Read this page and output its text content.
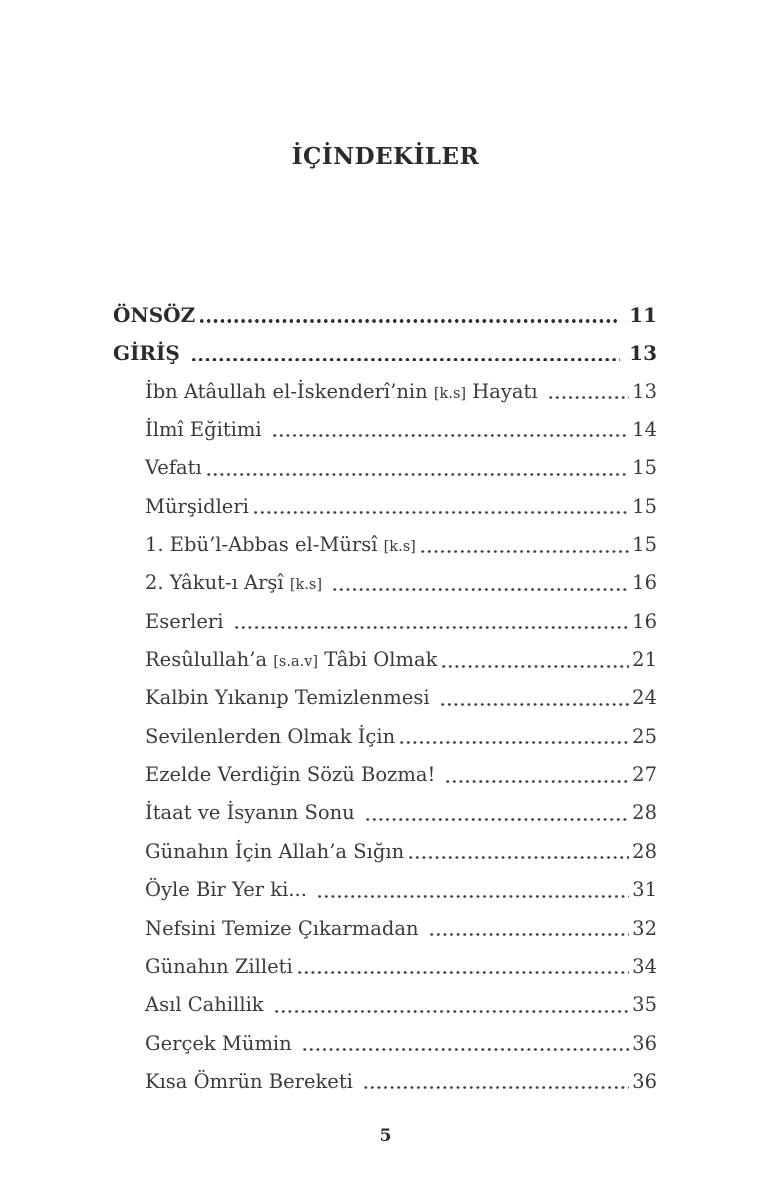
İÇİNDEKİLER
ÖNSÖZ	11
GİRİŞ	13
İbn Atâullah el-İskenderî’nin [k.s] Hayatı	13
İlmî Eğitimi	14
Vefatı	15
Mürşidleri	15
1. Ebü’l-Abbas el-Mürsî [k.s]	15
2. Yâkut-ı Arşî [k.s]	16
Eserleri	16
Resûlullah’a [s.a.v] Tâbi Olmak	21
Kalbin Yıkanıp Temizlenmesi	24
Sevilenlerden Olmak İçin	25
Ezelde Verdiğin Sözü Bozma!	27
İtaat ve İsyanın Sonu	28
Günahın İçin Allah’a Sığın	28
Öyle Bir Yer ki...	31
Nefsini Temize Çıkarmadan	32
Günahın Zilleti	34
Asıl Cahillik	35
Gerçek Mümin	36
Kısa Ömrün Bereketi	36
5
